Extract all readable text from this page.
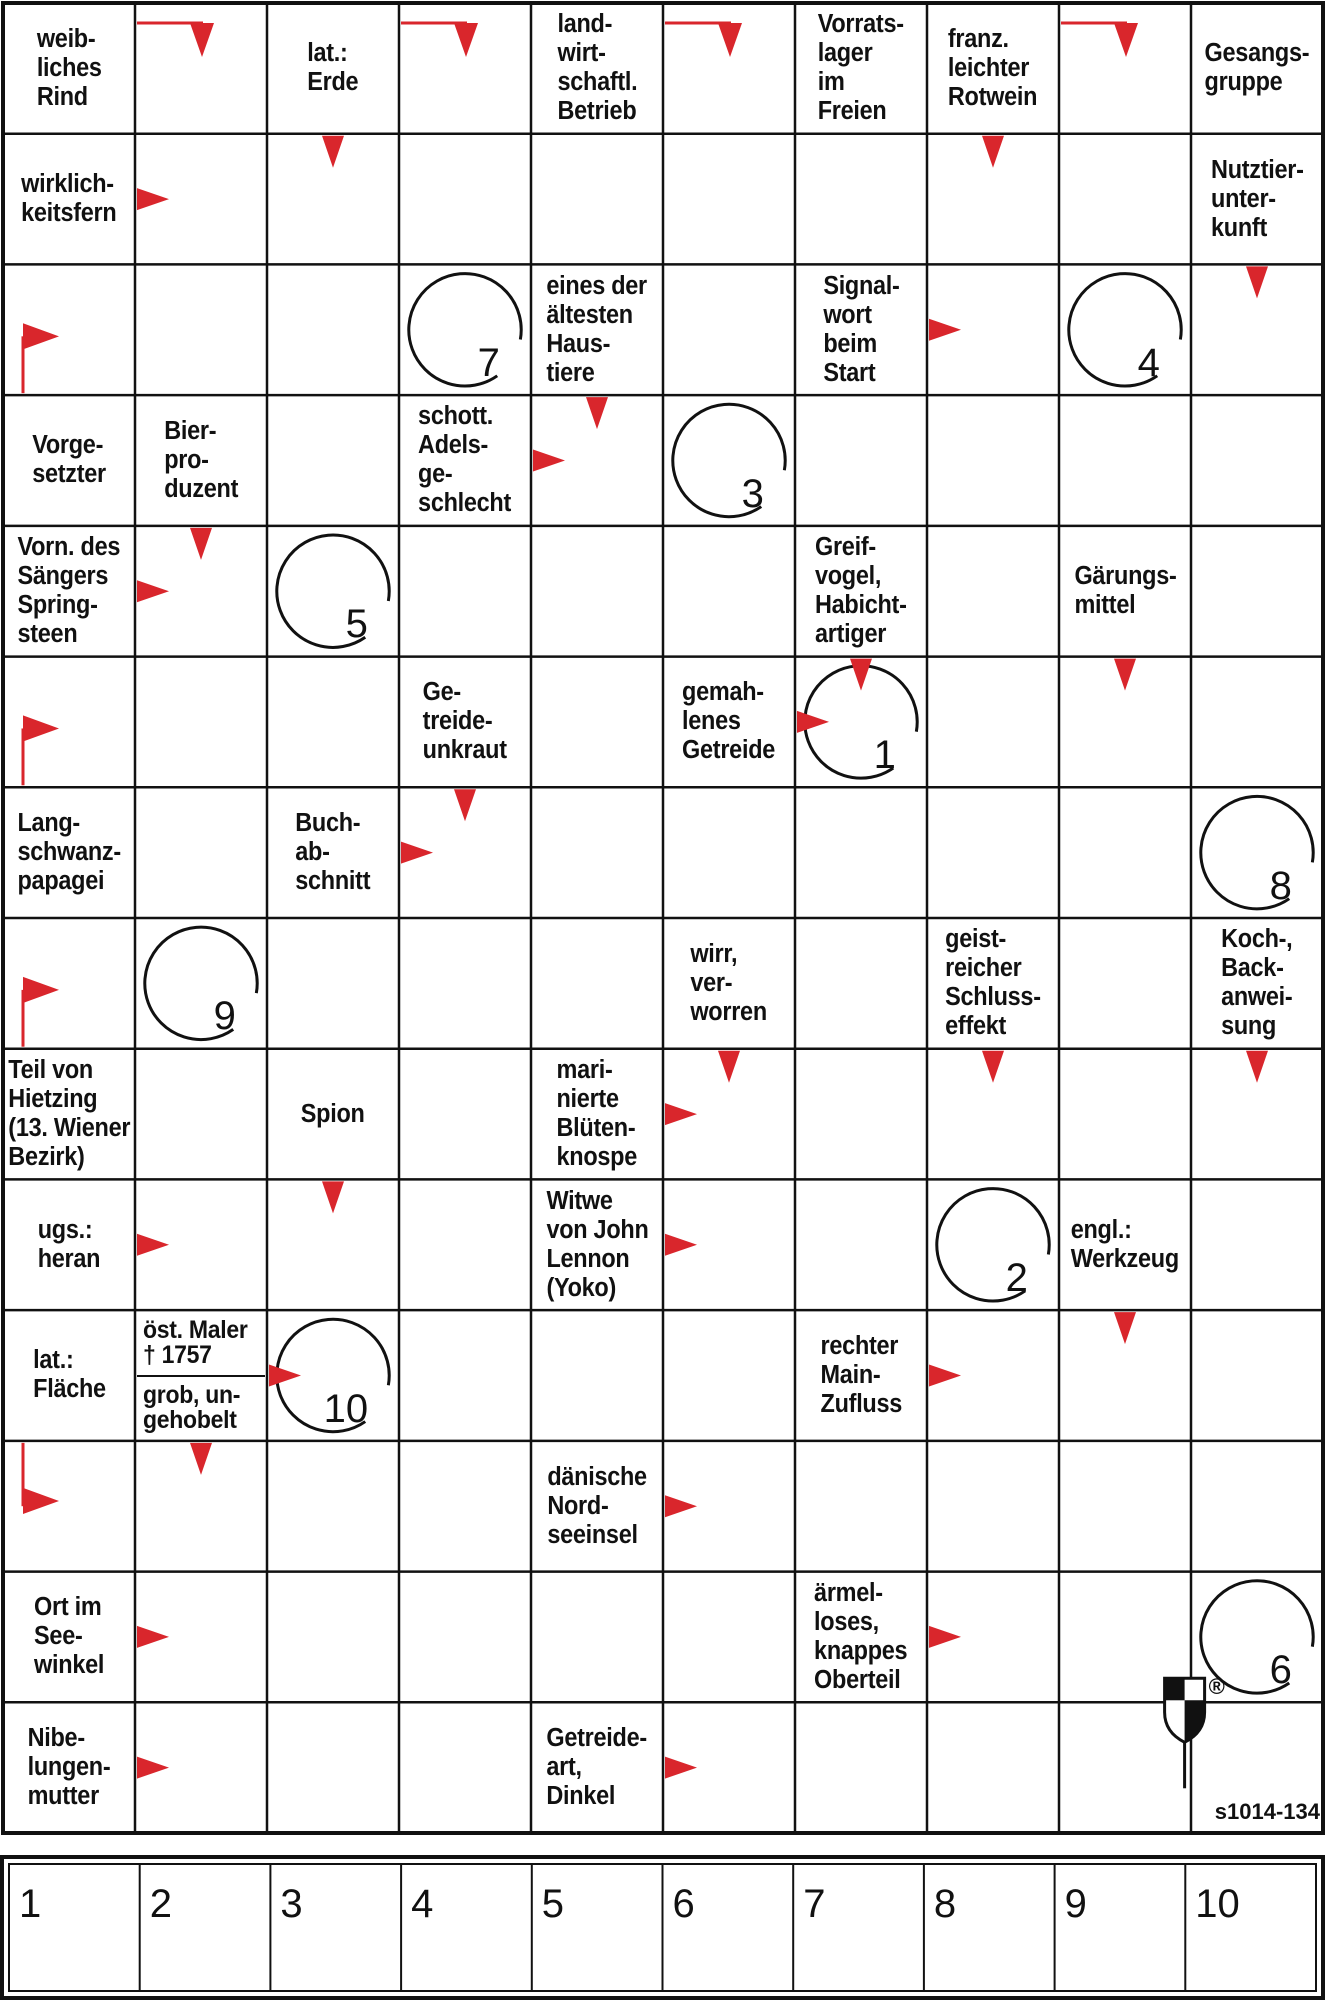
weib-
liches
Rind
lat.:
Erde
land-
wirt-
schaftl.
Betrieb
Vorrats-
lager
im
Freien
franz.
leichter
Rotwein
Gesangs-
gruppe
wirklich-
keitsfern
Nutztier-
unter-
kunft
eines der
ältesten
Haus-
tiere
Signal-
wort
beim
Start
Vorge-
setzter
Bier-
pro-
duzent
schott.
Adels-
ge-
schlecht
Vorn. des
Sängers
Spring-
steen
Greif-
vogel,
Habicht-
artiger
Gärungs-
mittel
Ge-
treide-
unkraut
gemah-
lenes
Getreide
Lang-
schwanz-
papagei
Buch-
ab-
schnitt
wirr,
ver-
worren
geist-
reicher
Schluss-
effekt
Koch-,
Back-
anwei-
sung
Teil von
Hietzing
(13. Wiener
Bezirk)
Spion
mari-
nierte
Blüten-
knospe
ugs.:
heran
Witwe
von John
Lennon
(Yoko)
engl.:
Werkzeug
lat.:
Fläche
rechter
Main-
Zufluss
dänische
Nord-
seeinsel
Ort im
See-
winkel
ärmel-
loses,
knappes
Oberteil
Nibe-
lungen-
mutter
Getreide-
art,
Dinkel
öst. Maler
† 1757
grob, un-
gehobelt
7	4
3
5
1
8
9
2
10
6
®
s1014-134
1	2	3	4	5	6	7	8	9	10
